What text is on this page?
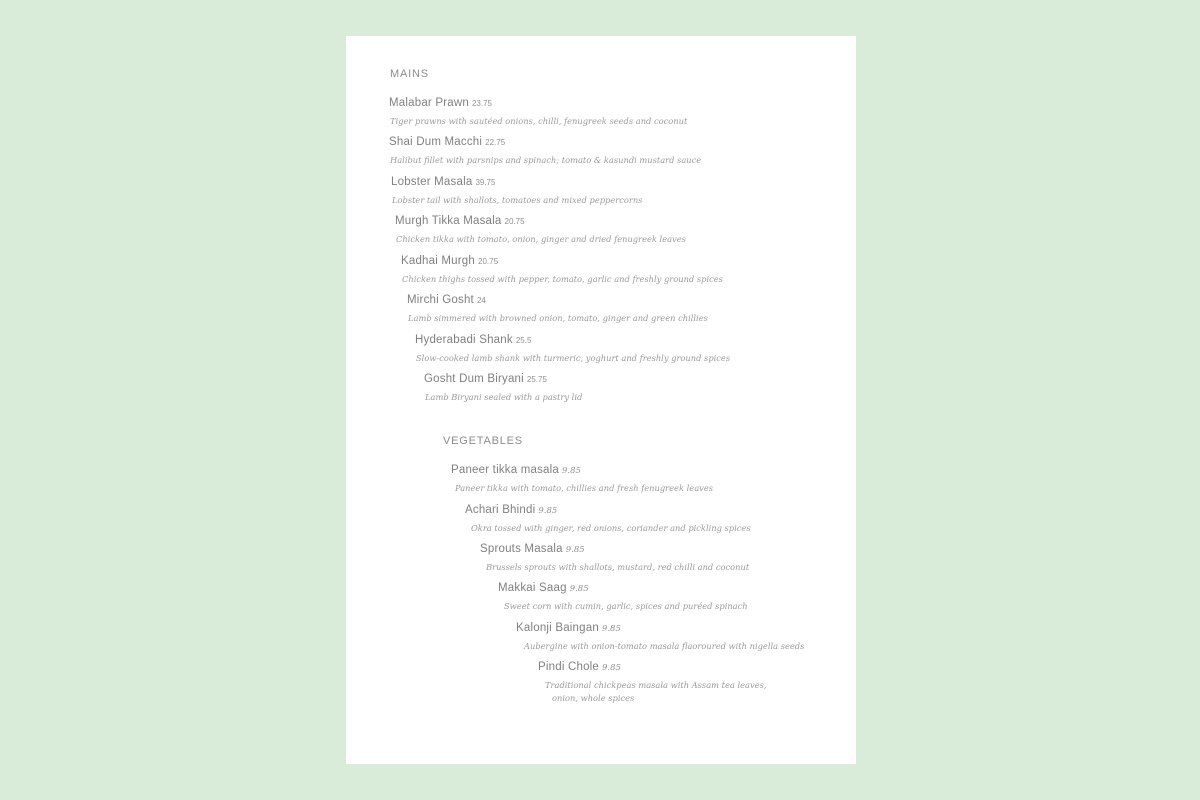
MAINS
Malabar Prawn 23.75
Tiger prawns with sautéed onions, chilli, fenugreek seeds and coconut
Shai Dum Macchi 22.75
Halibut fillet with parsnips and spinach; tomato & kasundi mustard sauce
Lobster Masala 39.75
Lobster tail with shallots, tomatoes and mixed peppercorns
Murgh Tikka Masala 20.75
Chicken tikka with tomato, onion, ginger and dried fenugreek leaves
Kadhai Murgh 20.75
Chicken thighs tossed with pepper, tomato, garlic and freshly ground spices
Mirchi Gosht 24
Lamb simmered with browned onion, tomato, ginger and green chillies
Hyderabadi Shank 25.5
Slow-cooked lamb shank with turmeric, yoghurt and freshly ground spices
Gosht Dum Biryani 25.75
Lamb Biryani sealed with a pastry lid
VEGETABLES
Paneer tikka masala 9.85
Paneer tikka with tomato, chillies and fresh fenugreek leaves
Achari Bhindi 9.85
Okra tossed with ginger, red onions, coriander and pickling spices
Sprouts Masala 9.85
Brussels sprouts with shallots, mustard, red chilli and coconut
Makkai Saag 9.85
Sweet corn with cumin, garlic, spices and puréed spinach
Kalonji Baingan 9.85
Aubergine with onion-tomato masala flaoroured with nigella seeds
Pindi Chole 9.85
Traditional chickpeas masala with Assam tea leaves,
onion, whole spices
